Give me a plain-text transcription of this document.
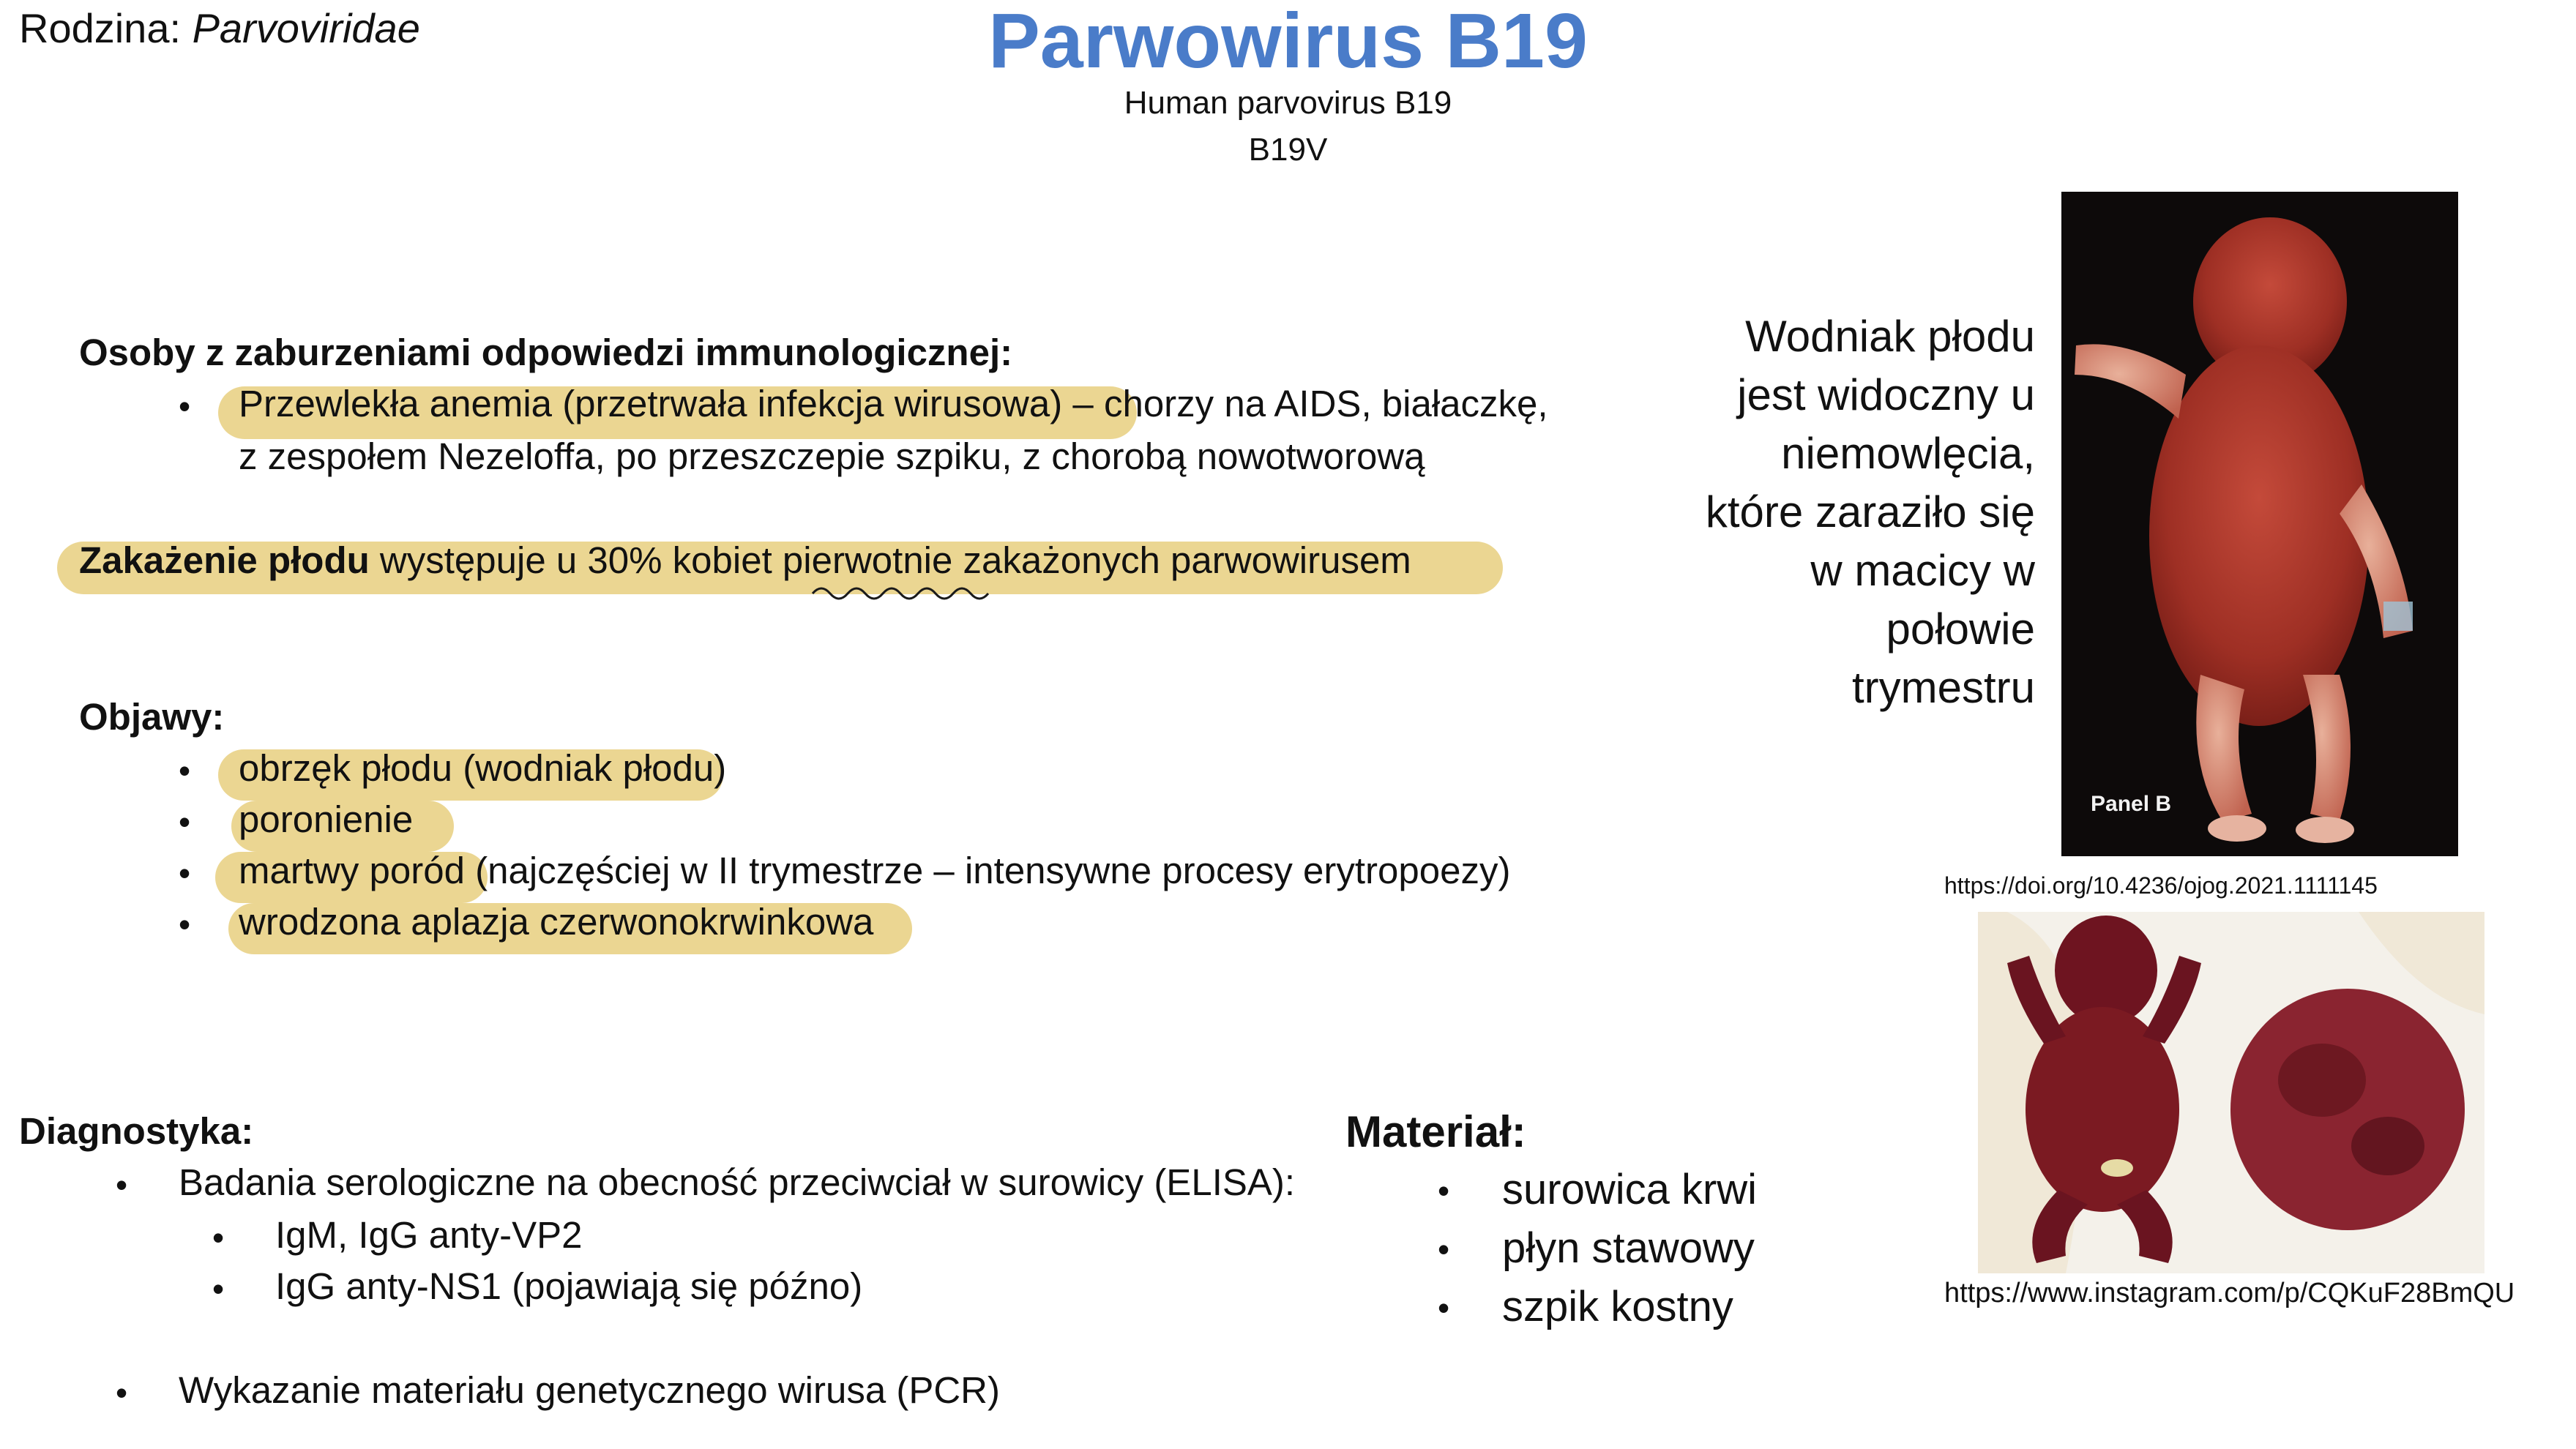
Rodzina: Parvoviridae	Parwowirus B19
Human parvovirus B19
B19V
Osoby z zaburzeniami odpowiedzi immunologicznej:
• Przewlekła anemia (przetrwała infekcja wirusowa) – chorzy na AIDS, białaczkę,
z zespołem Nezeloffa, po przeszczepie szpiku, z chorobą nowotworową
Zakażenie płodu występuje u 30% kobiet pierwotnie zakażonych parwowirusem
Objawy:
• obrzęk płodu (wodniak płodu)
• poronienie
• martwy poród (najczęściej w II trymestrze – intensywne procesy erytropoezy)
• wrodzona aplazja czerwonokrwinkowa
Diagnostyka:
• Badania serologiczne na obecność przeciwciał w surowicy (ELISA):
• IgM, IgG anty-VP2
• IgG anty-NS1 (pojawiają się późno)
• Wykazanie materiału genetycznego wirusa (PCR)
Materiał:
• surowica krwi
• płyn stawowy
• szpik kostny
Wodniak płodu
jest widoczny u
niemowlęcia,
które zaraziło się
w macicy w
połowie
trymestru
Panel B
https://doi.org/10.4236/ojog.2021.1111145
https://www.instagram.com/p/CQKuF28BmQU
